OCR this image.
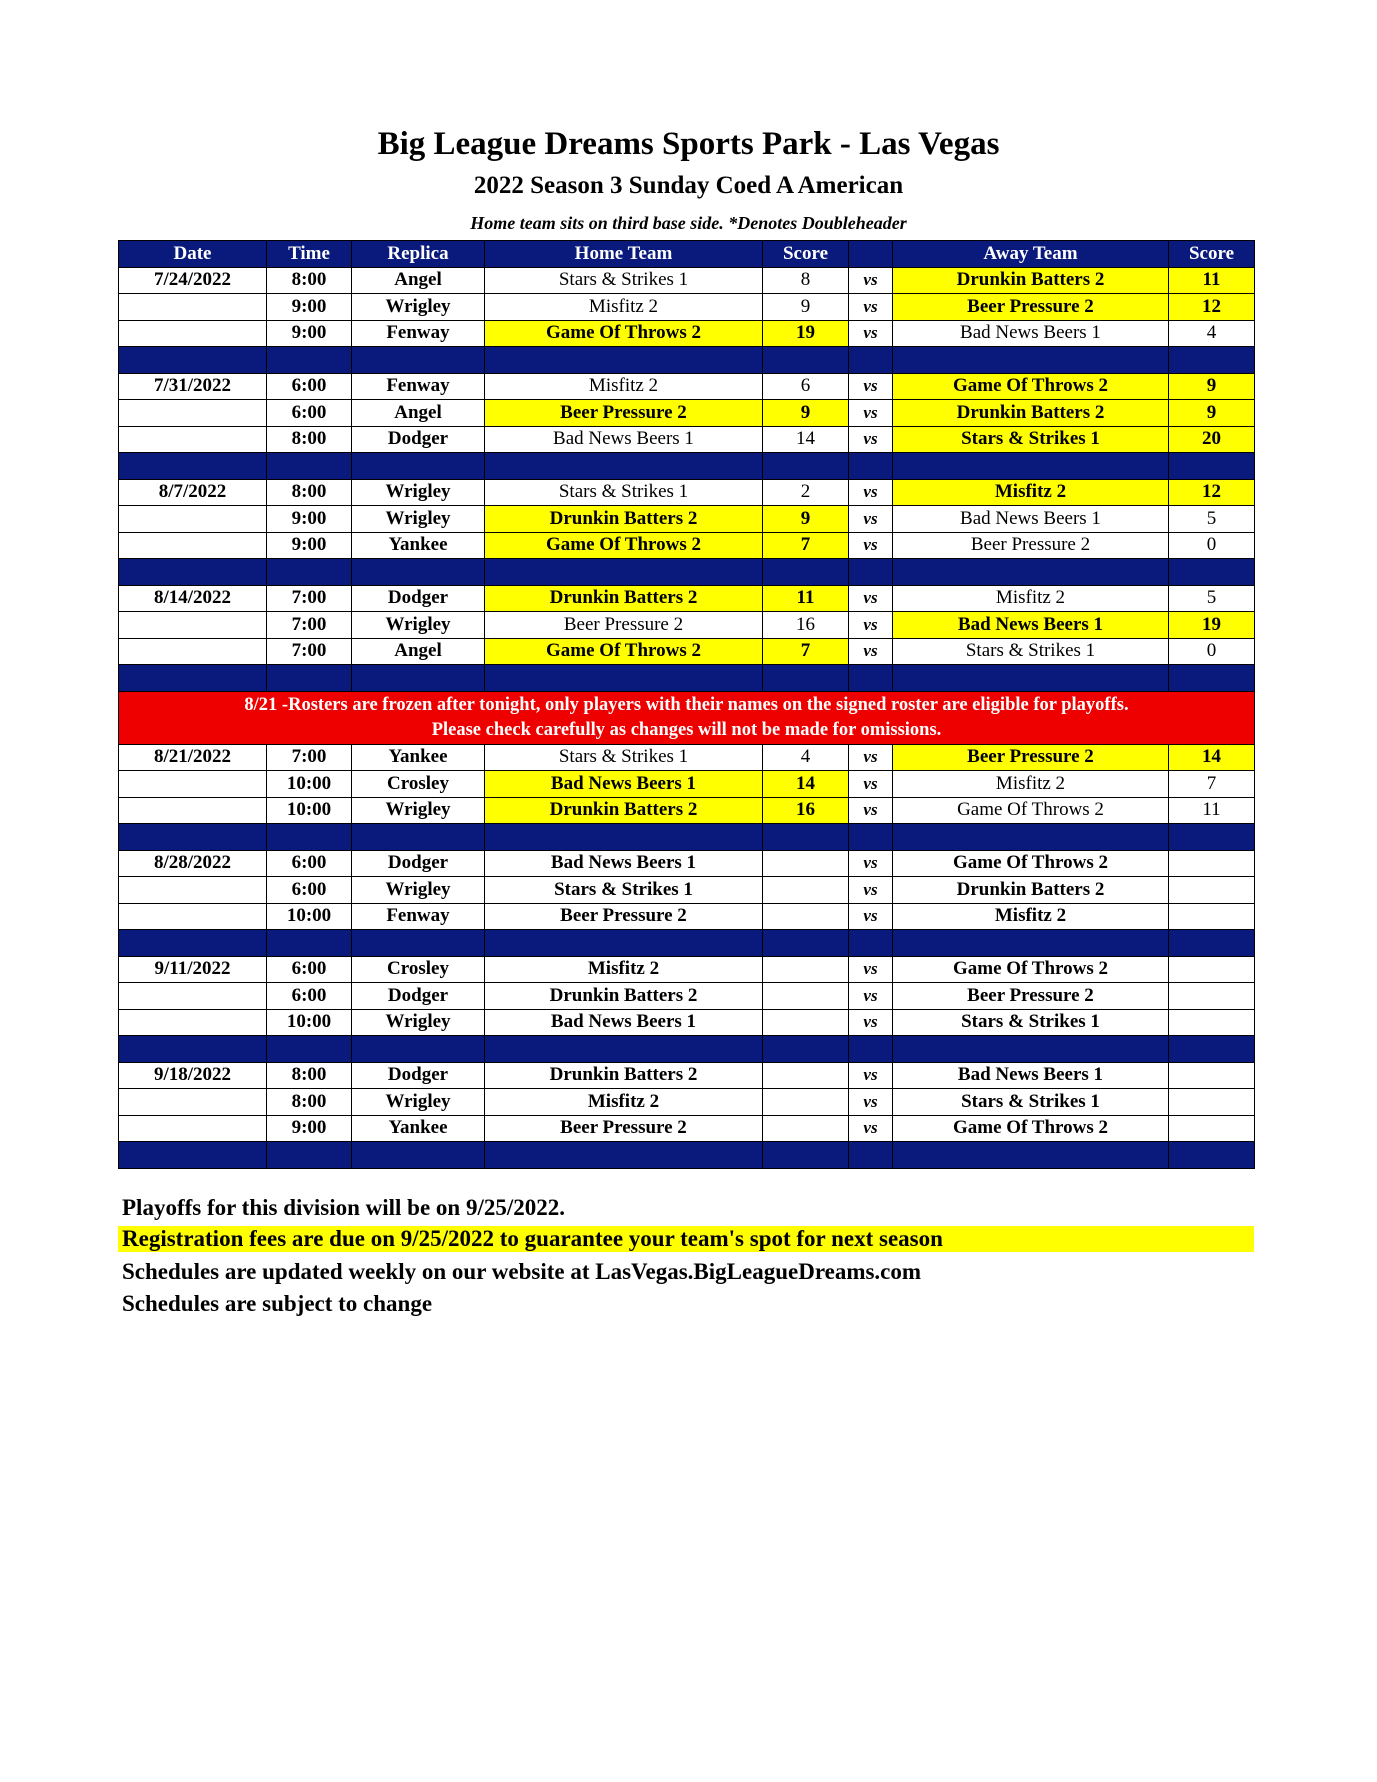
Big League Dreams Sports Park - Las Vegas
2022 Season 3 Sunday Coed A American
Home team sits on third base side. *Denotes Doubleheader
Date	Time	Replica	Home Team	Score		Away Team	Score
7/24/2022	8:00	Angel	Stars & Strikes 1	8	vs	Drunkin Batters 2	11
	9:00	Wrigley	Misfitz 2	9	vs	Beer Pressure 2	12
	9:00	Fenway	Game Of Throws 2	19	vs	Bad News Beers 1	4

7/31/2022	6:00	Fenway	Misfitz 2	6	vs	Game Of Throws 2	9
	6:00	Angel	Beer Pressure 2	9	vs	Drunkin Batters 2	9
	8:00	Dodger	Bad News Beers 1	14	vs	Stars & Strikes 1	20

8/7/2022	8:00	Wrigley	Stars & Strikes 1	2	vs	Misfitz 2	12
	9:00	Wrigley	Drunkin Batters 2	9	vs	Bad News Beers 1	5
	9:00	Yankee	Game Of Throws 2	7	vs	Beer Pressure 2	0

8/14/2022	7:00	Dodger	Drunkin Batters 2	11	vs	Misfitz 2	5
	7:00	Wrigley	Beer Pressure 2	16	vs	Bad News Beers 1	19
	7:00	Angel	Game Of Throws 2	7	vs	Stars & Strikes 1	0

8/21 -Rosters are frozen after tonight, only players with their names on the signed roster are eligible for playoffs.
Please check carefully as changes will not be made for omissions.							

8/21/2022	7:00	Yankee	Stars & Strikes 1	4	vs	Beer Pressure 2	14
	10:00	Crosley	Bad News Beers 1	14	vs	Misfitz 2	7
	10:00	Wrigley	Drunkin Batters 2	16	vs	Game Of Throws 2	11

8/28/2022	6:00	Dodger	Bad News Beers 1		vs	Game Of Throws 2	
	6:00	Wrigley	Stars & Strikes 1		vs	Drunkin Batters 2	
	10:00	Fenway	Beer Pressure 2		vs	Misfitz 2	

9/11/2022	6:00	Crosley	Misfitz 2		vs	Game Of Throws 2	
	6:00	Dodger	Drunkin Batters 2		vs	Beer Pressure 2	
	10:00	Wrigley	Bad News Beers 1		vs	Stars & Strikes 1	

9/18/2022	8:00	Dodger	Drunkin Batters 2		vs	Bad News Beers 1	
	8:00	Wrigley	Misfitz 2		vs	Stars & Strikes 1	
	9:00	Yankee	Beer Pressure 2		vs	Game Of Throws 2	

Playoffs for this division will be on 9/25/2022.
Registration fees are due on 9/25/2022 to guarantee your team's spot for next season
Schedules are updated weekly on our website at LasVegas.BigLeagueDreams.com
Schedules are subject to change
